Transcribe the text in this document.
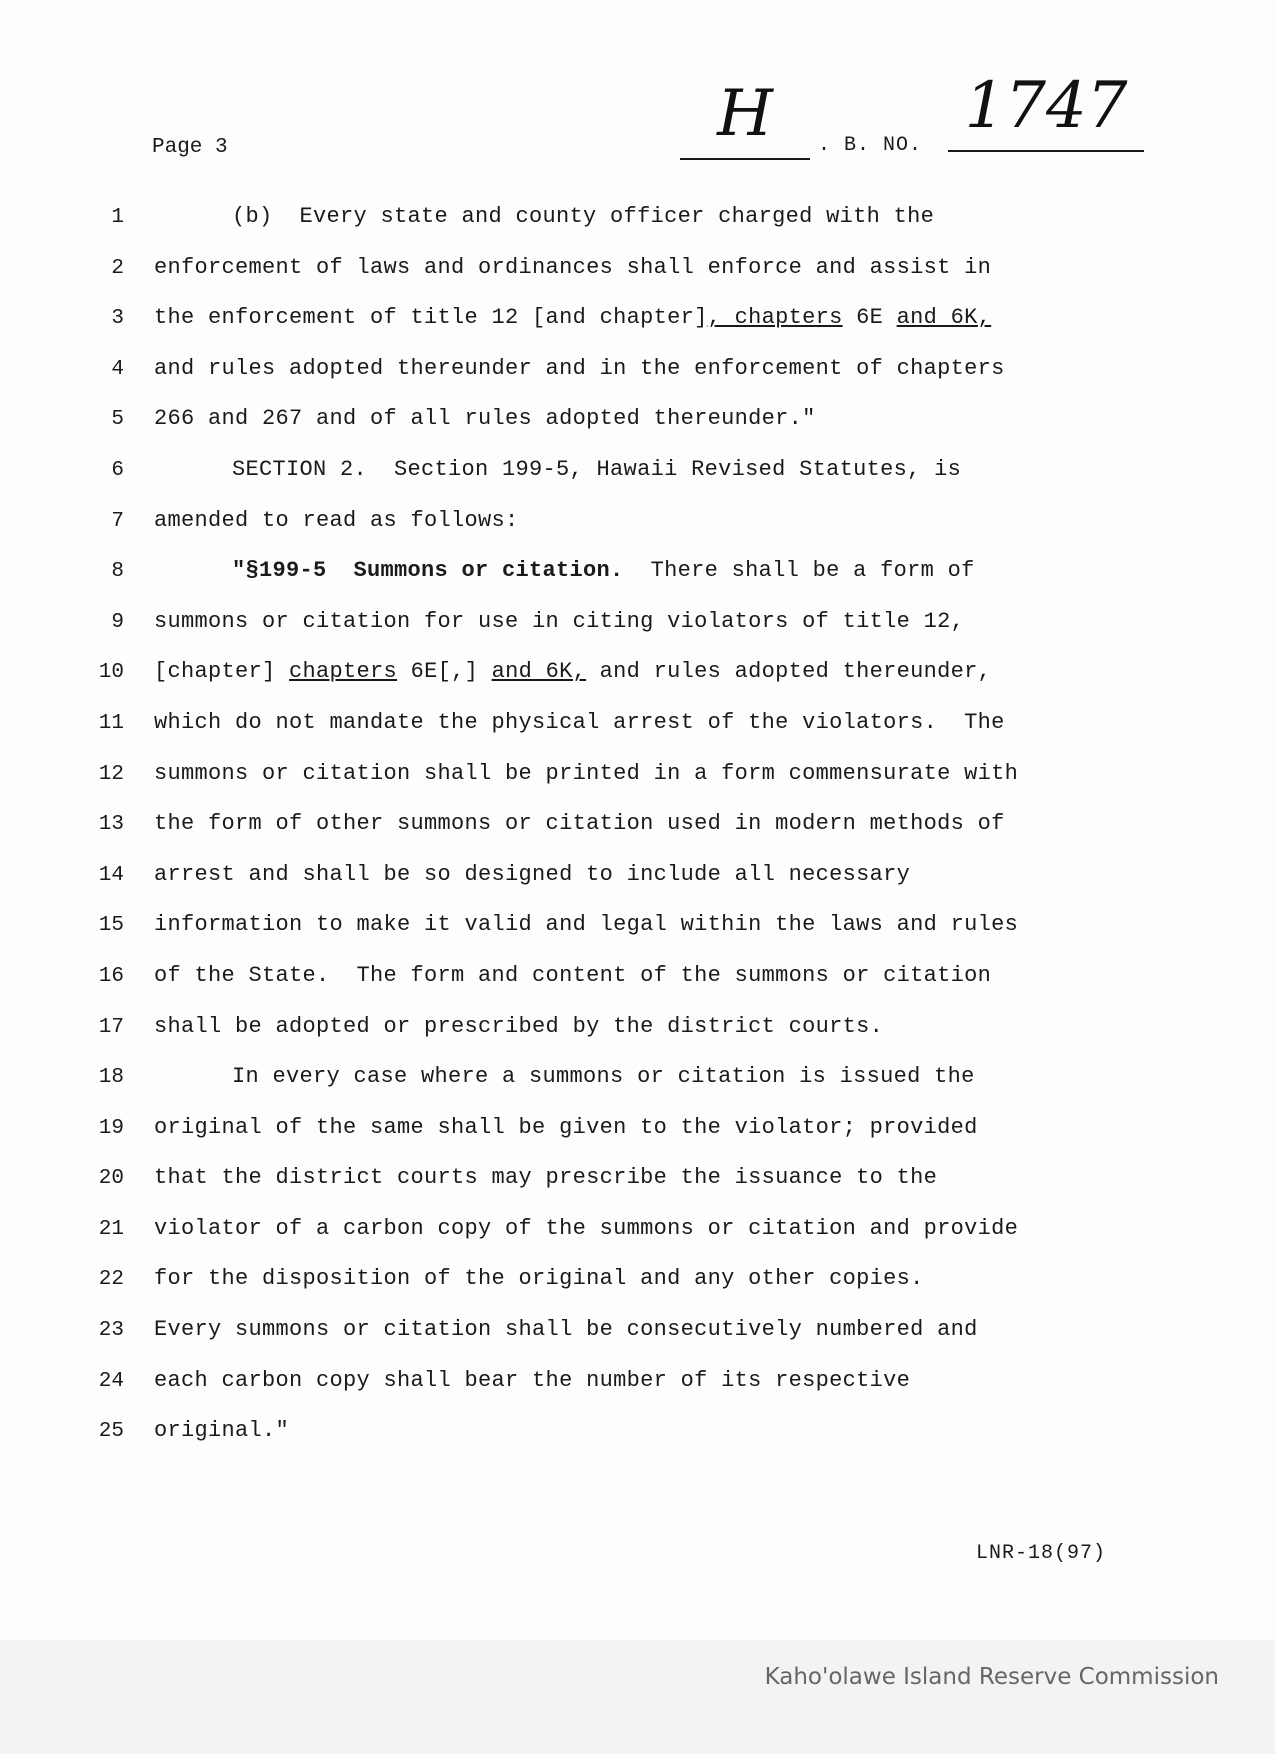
Page 3	H	. B. NO.
1747
1	(b)  Every state and county officer charged with the
2 enforcement of laws and ordinances shall enforce and assist in
3 the enforcement of title 12 [and chapter], chapters 6E and 6K,
4 and rules adopted thereunder and in the enforcement of chapters
5 266 and 267 and of all rules adopted thereunder."
6	SECTION 2.  Section 199-5, Hawaii Revised Statutes, is
7 amended to read as follows:
8	"§199-5  Summons or citation.  There shall be a form of
9 summons or citation for use in citing violators of title 12,
10 [chapter] chapters 6E[,] and 6K, and rules adopted thereunder,
11 which do not mandate the physical arrest of the violators.  The
12 summons or citation shall be printed in a form commensurate with
13 the form of other summons or citation used in modern methods of
14 arrest and shall be so designed to include all necessary
15 information to make it valid and legal within the laws and rules
16 of the State.  The form and content of the summons or citation
17 shall be adopted or prescribed by the district courts.
18	In every case where a summons or citation is issued the
19 original of the same shall be given to the violator; provided
20 that the district courts may prescribe the issuance to the
21 violator of a carbon copy of the summons or citation and provide
22 for the disposition of the original and any other copies.
23 Every summons or citation shall be consecutively numbered and
24 each carbon copy shall bear the number of its respective
25 original."
LNR-18(97)
Kaho'olawe Island Reserve Commission
